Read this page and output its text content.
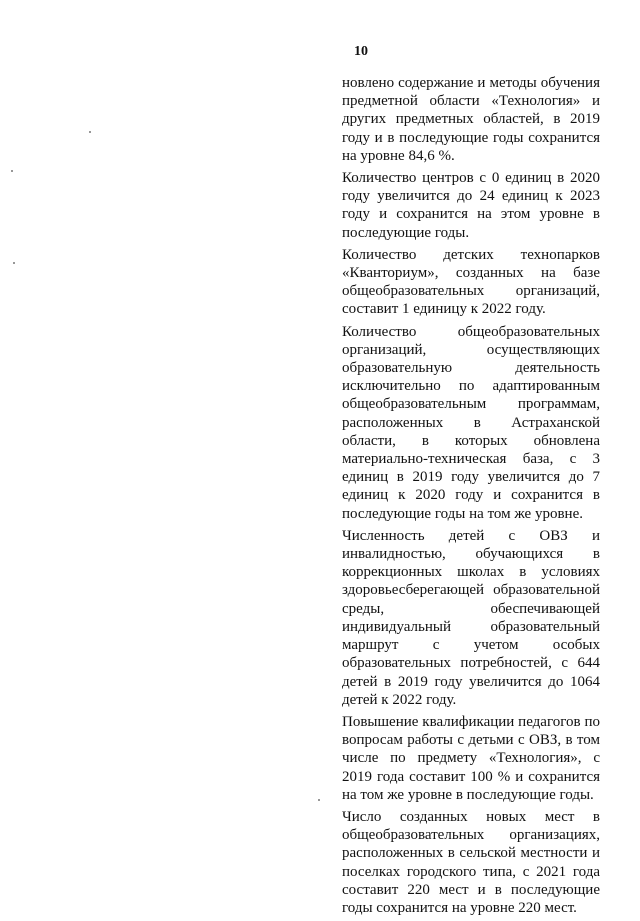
10

новлено содержание и методы обучения предметной области «Технология» и других предметных областей, в 2019 году и в последующие годы сохранится на уровне 84,6 %.

Количество центров с 0 единиц в 2020 году увеличится до 24 единиц к 2023 году и сохранится на этом уровне в последующие годы.

Количество детских технопарков «Кванториум», созданных на базе общеобразовательных организаций, составит 1 единицу к 2022 году.

Количество общеобразовательных организаций, осуществляющих образовательную деятельность исключительно по адаптированным общеобразовательным программам, расположенных в Астраханской области, в которых обновлена материально-техническая база, с 3 единиц в 2019 году увеличится до 7 единиц к 2020 году и сохранится в последующие годы на том же уровне.

Численность детей с ОВЗ и инвалидностью, обучающихся в коррекционных школах в условиях здоровьесберегающей образовательной среды, обеспечивающей индивидуальный образовательный маршрут с учетом особых образовательных потребностей, с 644 детей в 2019 году увеличится до 1064 детей к 2022 году.

Повышение квалификации педагогов по вопросам работы с детьми с ОВЗ, в том числе по предмету «Технология», с 2019 года составит 100 % и сохранится на том же уровне в последующие годы.

Число созданных новых мест в общеобразовательных организациях, расположенных в сельской местности и поселках городского типа, с 2021 года составит 220 мест и в последующие годы сохранится на уровне 220 мест.
